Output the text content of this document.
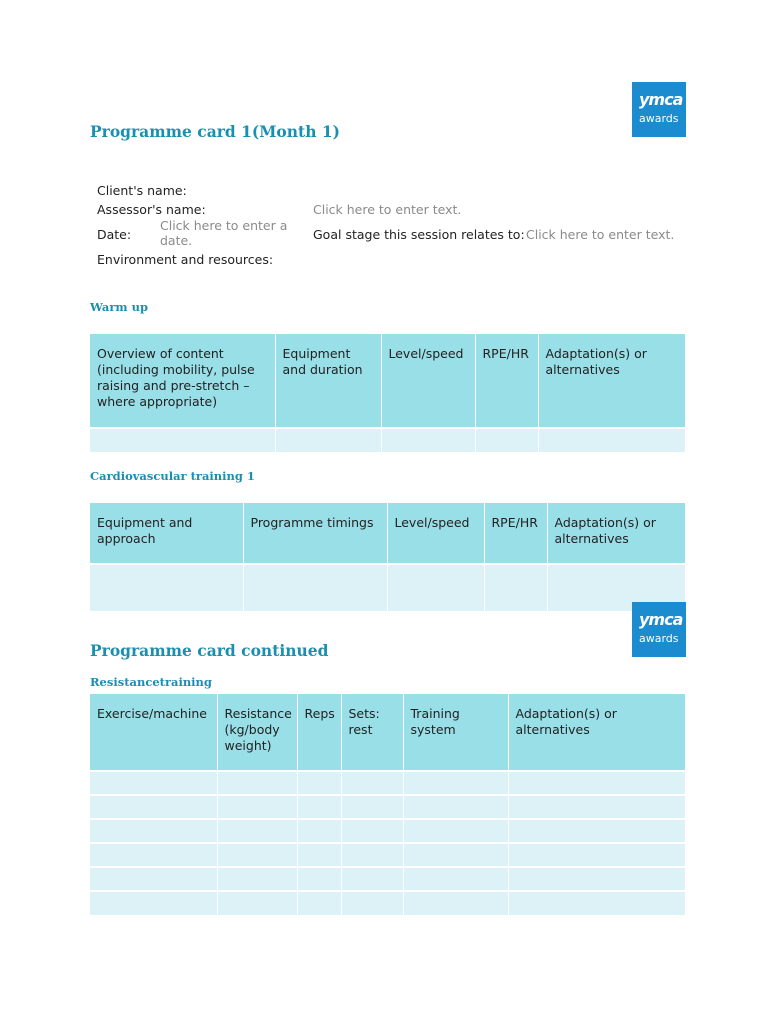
ymca
awards
Programme card 1(Month 1)
Client's name:
Assessor's name:	Click here to enter text.
Date:
Click here to enter a date.	Goal stage this session relates to: Click here to enter text.
Environment and resources:
Warm up
Overview of content (including mobility, pulse raising and pre-stretch – where appropriate)	Equipment and duration	Level/speed	RPE/HR	Adaptation(s) or alternatives

Cardiovascular training 1
Equipment and approach	Programme timings	Level/speed	RPE/HR	Adaptation(s) or alternatives

ymca
awards
Programme card continued
Resistancetraining
Exercise/machine	Resistance (kg/body weight)	Reps	Sets: rest	Training system	Adaptation(s) or alternatives
